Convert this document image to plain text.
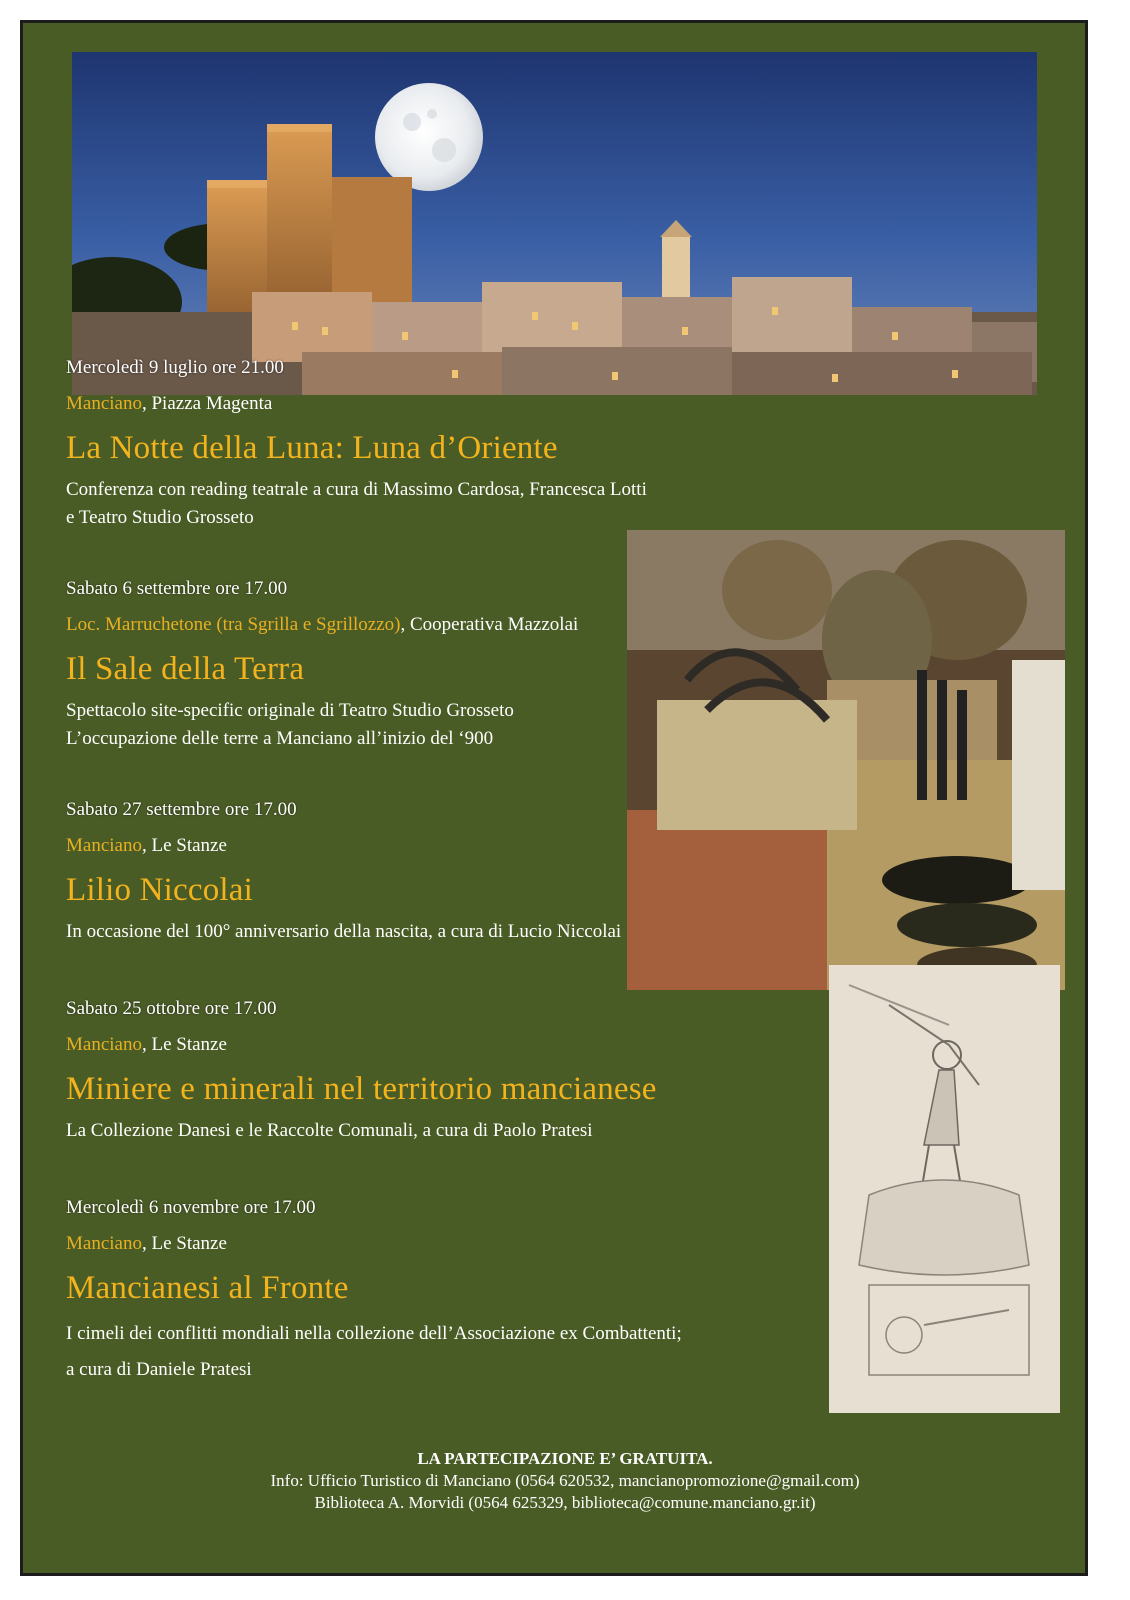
Mercoledì 9 luglio ore 21.00
Manciano, Piazza Magenta
La Notte della Luna: Luna d’Oriente
Conferenza con reading teatrale a cura di Massimo Cardosa, Francesca Lotti
e Teatro Studio Grosseto
Sabato 6 settembre ore 17.00
Loc. Marruchetone (tra Sgrilla e Sgrillozzo), Cooperativa Mazzolai
Il Sale della Terra
Spettacolo site-specific originale di Teatro Studio Grosseto
L’occupazione delle terre a Manciano all’inizio del ‘900
Sabato 27 settembre ore 17.00
Manciano, Le Stanze
Lilio Niccolai
In occasione del 100° anniversario della nascita, a cura di Lucio Niccolai
Sabato 25 ottobre ore 17.00
Manciano, Le Stanze
Miniere e minerali nel territorio mancianese
La Collezione Danesi e le Raccolte Comunali, a cura di Paolo Pratesi
Mercoledì 6 novembre ore 17.00
Manciano, Le Stanze
Mancianesi al Fronte
I cimeli dei conflitti mondiali nella collezione dell’Associazione ex Combattenti;
a cura di Daniele Pratesi
LA PARTECIPAZIONE E’ GRATUITA.
Info: Ufficio Turistico di Manciano (0564 620532, mancianopromozione@gmail.com)
Biblioteca A. Morvidi (0564 625329, biblioteca@comune.manciano.gr.it)
